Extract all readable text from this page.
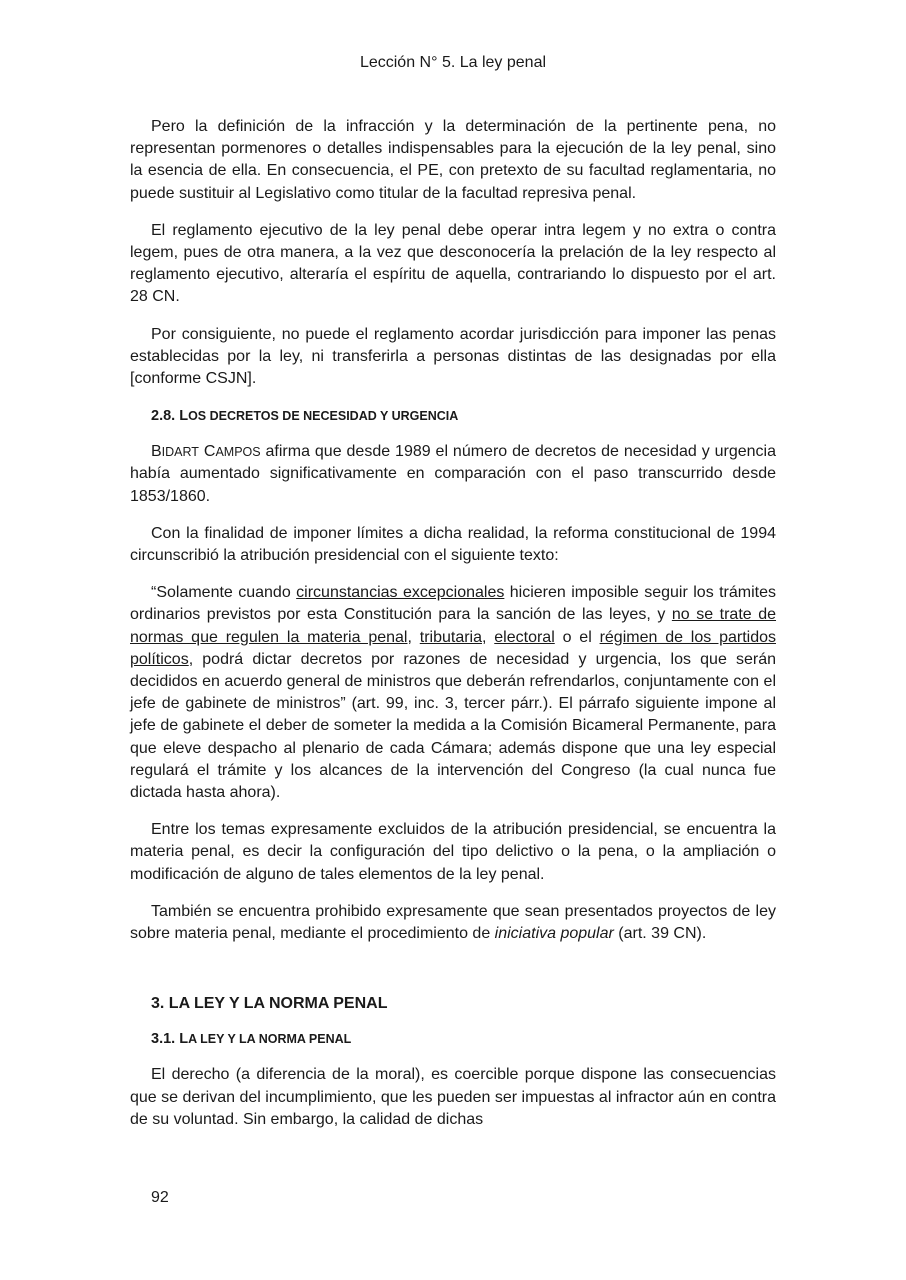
Lección N° 5. La ley penal

Pero la definición de la infracción y la determinación de la pertinente pena, no representan pormenores o detalles indispensables para la ejecución de la ley penal, sino la esencia de ella. En consecuencia, el PE, con pretexto de su facultad reglamentaria, no puede sustituir al Legislativo como titular de la facultad represiva penal.

El reglamento ejecutivo de la ley penal debe operar intra legem y no extra o contra legem, pues de otra manera, a la vez que desconocería la prelación de la ley respecto al reglamento ejecutivo, alteraría el espíritu de aquella, contrariando lo dispuesto por el art. 28 CN.

Por consiguiente, no puede el reglamento acordar jurisdicción para imponer las penas establecidas por la ley, ni transferirla a personas distintas de las designadas por ella [conforme CSJN].

2.8. LOS DECRETOS DE NECESIDAD Y URGENCIA

BIDART CAMPOS afirma que desde 1989 el número de decretos de necesidad y urgencia había aumentado significativamente en comparación con el paso transcurrido desde 1853/1860.

Con la finalidad de imponer límites a dicha realidad, la reforma constitucional de 1994 circunscribió la atribución presidencial con el siguiente texto:

“Solamente cuando circunstancias excepcionales hicieren imposible seguir los trámites ordinarios previstos por esta Constitución para la sanción de las leyes, y no se trate de normas que regulen la materia penal, tributaria, electoral o el régimen de los partidos políticos, podrá dictar decretos por razones de necesidad y urgencia, los que serán decididos en acuerdo general de ministros que deberán refrendarlos, conjuntamente con el jefe de gabinete de ministros” (art. 99, inc. 3, tercer párr.). El párrafo siguiente impone al jefe de gabinete el deber de someter la medida a la Comisión Bicameral Permanente, para que eleve despacho al plenario de cada Cámara; además dispone que una ley especial regulará el trámite y los alcances de la intervención del Congreso (la cual nunca fue dictada hasta ahora).

Entre los temas expresamente excluidos de la atribución presidencial, se encuentra la materia penal, es decir la configuración del tipo delictivo o la pena, o la ampliación o modificación de alguno de tales elementos de la ley penal.

También se encuentra prohibido expresamente que sean presentados proyectos de ley sobre materia penal, mediante el procedimiento de iniciativa popular (art. 39 CN).

3. LA LEY Y LA NORMA PENAL
3.1. LA LEY Y LA NORMA PENAL

El derecho (a diferencia de la moral), es coercible porque dispone las consecuencias que se derivan del incumplimiento, que les pueden ser impuestas al infractor aún en contra de su voluntad. Sin embargo, la calidad de dichas

92
